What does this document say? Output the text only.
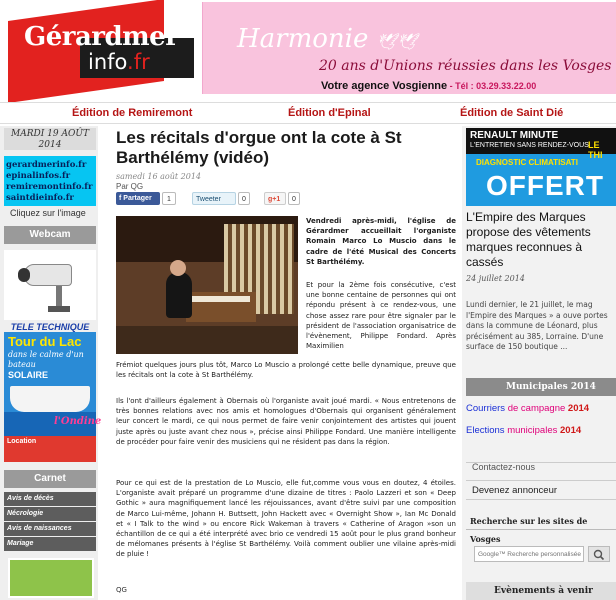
Gérardmer
info.fr
Harmonie 🕊🕊
20 ans d'Unions réussies dans les Vosges
Votre agence Vosgienne - Tél : 03.29.33.22.00
Édition de Remiremont	Édition d'Epinal	Édition de Saint Dié
MARDI 19 AOÛT 2014
gerardmerinfo.fr
epinalinfos.fr
remiremontinfo.fr
saintdieinfo.fr
Cliquez sur l'image
Webcam
TELE TECHNIQUE
Tour du Lac
dans le calme d'un bateau
SOLAIRE
l'Ondine
Location
Carnet
Avis de décès
Nécrologie
Avis de naissances
Mariage
Les récitals d'orgue ont la cote à St Barthélémy (vidéo)
samedi 16 août 2014
Par QG
f Partager	1	Tweeter	0	g+1	0

Vendredi après-midi, l'église de Gérardmer accueillait l'organiste Romain Marco Lo Muscio dans le cadre de l'été Musical des Concerts St Barthélémy.

Et pour la 2ème fois consécutive, c'est une bonne centaine de personnes qui ont répondu présent à ce rendez-vous, une chose assez rare pour être signaler par le président de l'association organisatrice de l'évènement, Philippe Fondard. Après Maximilien

Frémiot quelques jours plus tôt, Marco Lo Muscio a prolongé cette belle dynamique, preuve que les récitals ont la cote à St Barthélémy.

Ils l'ont d'ailleurs également à Obernais où l'organiste avait joué mardi. « Nous entretenons de très bonnes relations avec nos amis et homologues d'Obernais qui organisent généralement leur concert le mardi, ce qui nous permet de faire venir conjointement des artistes qui jouent juste après ou juste avant chez nous », précise ainsi Philippe Fondard. Une manière intelligente de procéder pour faire venir des musiciens qui ne résident pas dans la région.

Pour ce qui est de la prestation de Lo Muscio, elle fut,comme vous vous en doutez, 4 étoiles. L'organiste avait préparé un programme d'une dizaine de titres : Paolo Lazzeri et son « Deep Gothic » aura magnifiquement lancé les réjouissances, avant d'être suivi par une composition de Marco Lui-même, Johann H. Buttsett, John Hackett avec « Overnight Show », Ian Mc Donald et « I Talk to the wind » ou encore Rick Wakeman à travers « Catherine of Aragon »son un échantillon de ce qui a été interprété avec brio ce vendredi 15 août pour le plus grand bonheur de mélomanes présents à l'église St Barthélémy. Voilà comment oublier une vilaine après-midi de pluie !

QG
RENAULT MINUTE
L'ENTRETIEN SANS RENDEZ-VOUS LE THI
DIAGNOSTIC CLIMATISATI
OFFERT
L'Empire des Marques propose des vêtements marques reconnues à cassés
24 juillet 2014

Lundi dernier, le 21 juillet, le mag l'Empire des Marques » a ouve portes dans la commune de Léonard, plus précisément au 385, Lorraine. D'une surface de 150 boutique ...

Municipales 2014
Courriers de campagne 2014
Elections municipales 2014
Contactez-nous
Devenez annonceur
Recherche sur les sites de Vosges
Google™ Recherche personnalisée
Evènements à venir
